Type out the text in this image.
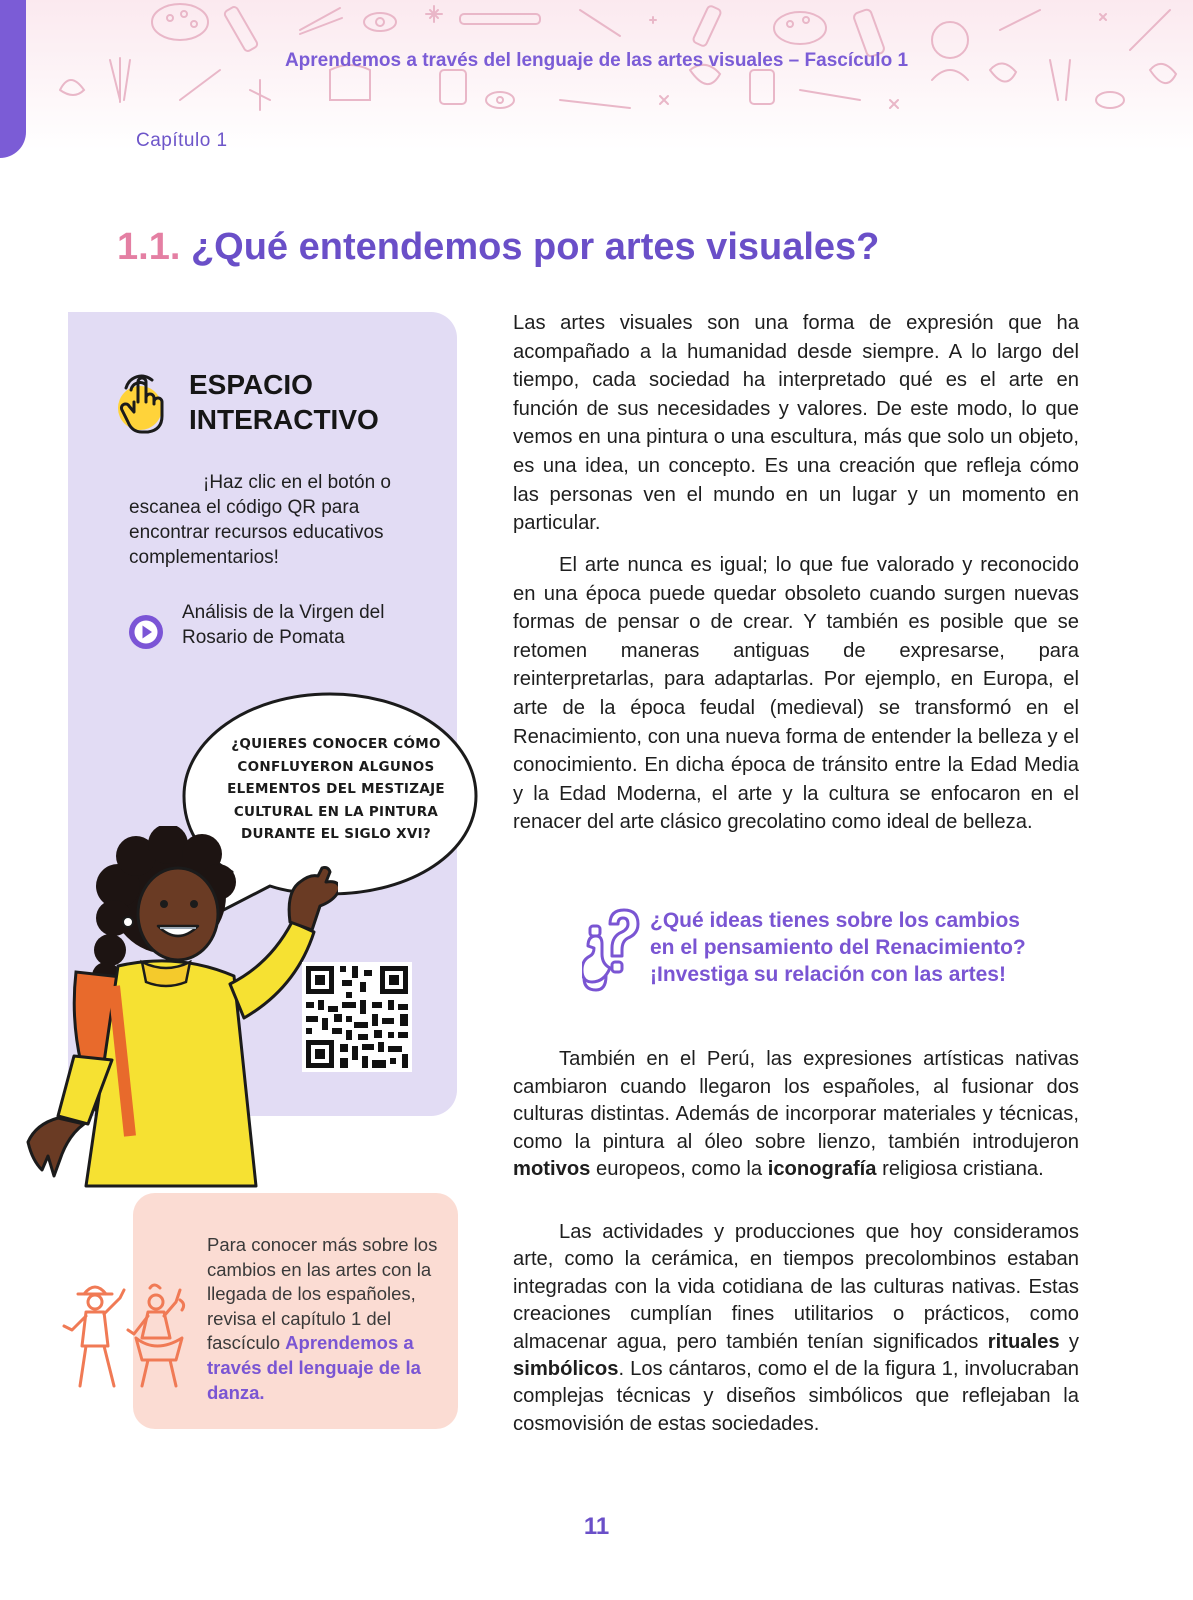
Aprendemos a través del lenguaje de las artes visuales – Fascículo 1
Capítulo 1
1.1. ¿Qué entendemos por artes visuales?
ESPACIO
INTERACTIVO
¡Haz clic en el botón o escanea el código QR para encontrar recursos educativos complementarios!
Análisis de la Virgen del Rosario de Pomata
¿QUIERES CONOCER CÓMO CONFLUYERON ALGUNOS ELEMENTOS DEL MESTIZAJE CULTURAL EN LA PINTURA DURANTE EL SIGLO XVI?
Para conocer más sobre los cambios en las artes con la llegada de los españoles, revisa el capítulo 1 del fascículo Aprendemos a través del lenguaje de la danza.
Las artes visuales son una forma de expresión que ha acompañado a la humanidad desde siempre. A lo largo del tiempo, cada sociedad ha interpretado qué es el arte en función de sus necesidades y valores. De este modo, lo que vemos en una pintura o una escultura, más que solo un objeto, es una idea, un concepto. Es una creación que refleja cómo las personas ven el mundo en un lugar y un momento en particular.
El arte nunca es igual; lo que fue valorado y reconocido en una época puede quedar obsoleto cuando surgen nuevas formas de pensar o de crear. Y también es posible que se retomen maneras antiguas de expresarse, para reinterpretarlas, para adaptarlas. Por ejemplo, en Europa, el arte de la época feudal (medieval) se transformó en el Renacimiento, con una nueva forma de entender la belleza y el conocimiento. En dicha época de tránsito entre la Edad Media y la Edad Moderna, el arte y la cultura se enfocaron en el renacer del arte clásico grecolatino como ideal de belleza.
¿Qué ideas tienes sobre los cambios
en el pensamiento del Renacimiento?
¡Investiga su relación con las artes!
También en el Perú, las expresiones artísticas nativas cambiaron cuando llegaron los españoles, al fusionar dos culturas distintas. Además de incorporar materiales y técnicas, como la pintura al óleo sobre lienzo, también introdujeron motivos europeos, como la iconografía religiosa cristiana.
Las actividades y producciones que hoy consideramos arte, como la cerámica, en tiempos precolombinos estaban integradas con la vida cotidiana de las culturas nativas. Estas creaciones cumplían fines utilitarios o prácticos, como almacenar agua, pero también tenían significados rituales y simbólicos. Los cántaros, como el de la figura 1, involucraban complejas técnicas y diseños simbólicos que reflejaban la cosmovisión de estas sociedades.
11
